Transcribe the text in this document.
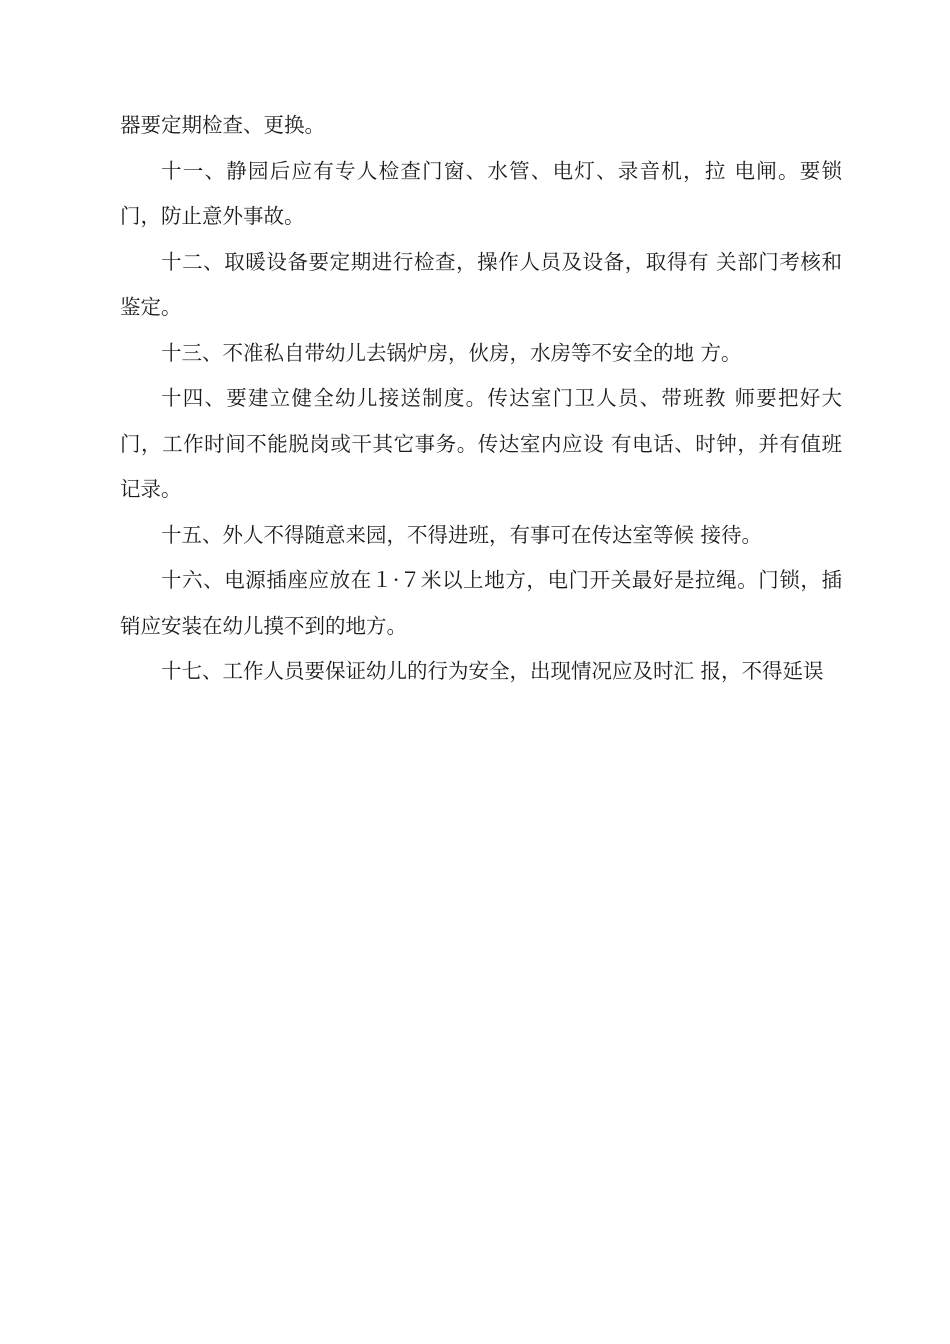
器要定期检查、更换。

十一、静园后应有专人检查门窗、水管、电灯、录音机，拉 电闸。要锁门，防止意外事故。

十二、取暖设备要定期进行检查，操作人员及设备，取得有 关部门考核和鉴定。

十三、不准私自带幼儿去锅炉房，伙房，水房等不安全的地 方。

十四、要建立健全幼儿接送制度。传达室门卫人员、带班教 师要把好大门，工作时间不能脱岗或干其它事务。传达室内应设 有电话、时钟，并有值班记录。

十五、外人不得随意来园，不得进班，有事可在传达室等候 接待。

十六、电源插座应放在１·７米以上地方，电门开关最好是拉绳。门锁，插销应安装在幼儿摸不到的地方。

十七、工作人员要保证幼儿的行为安全，出现情况应及时汇 报，不得延误
